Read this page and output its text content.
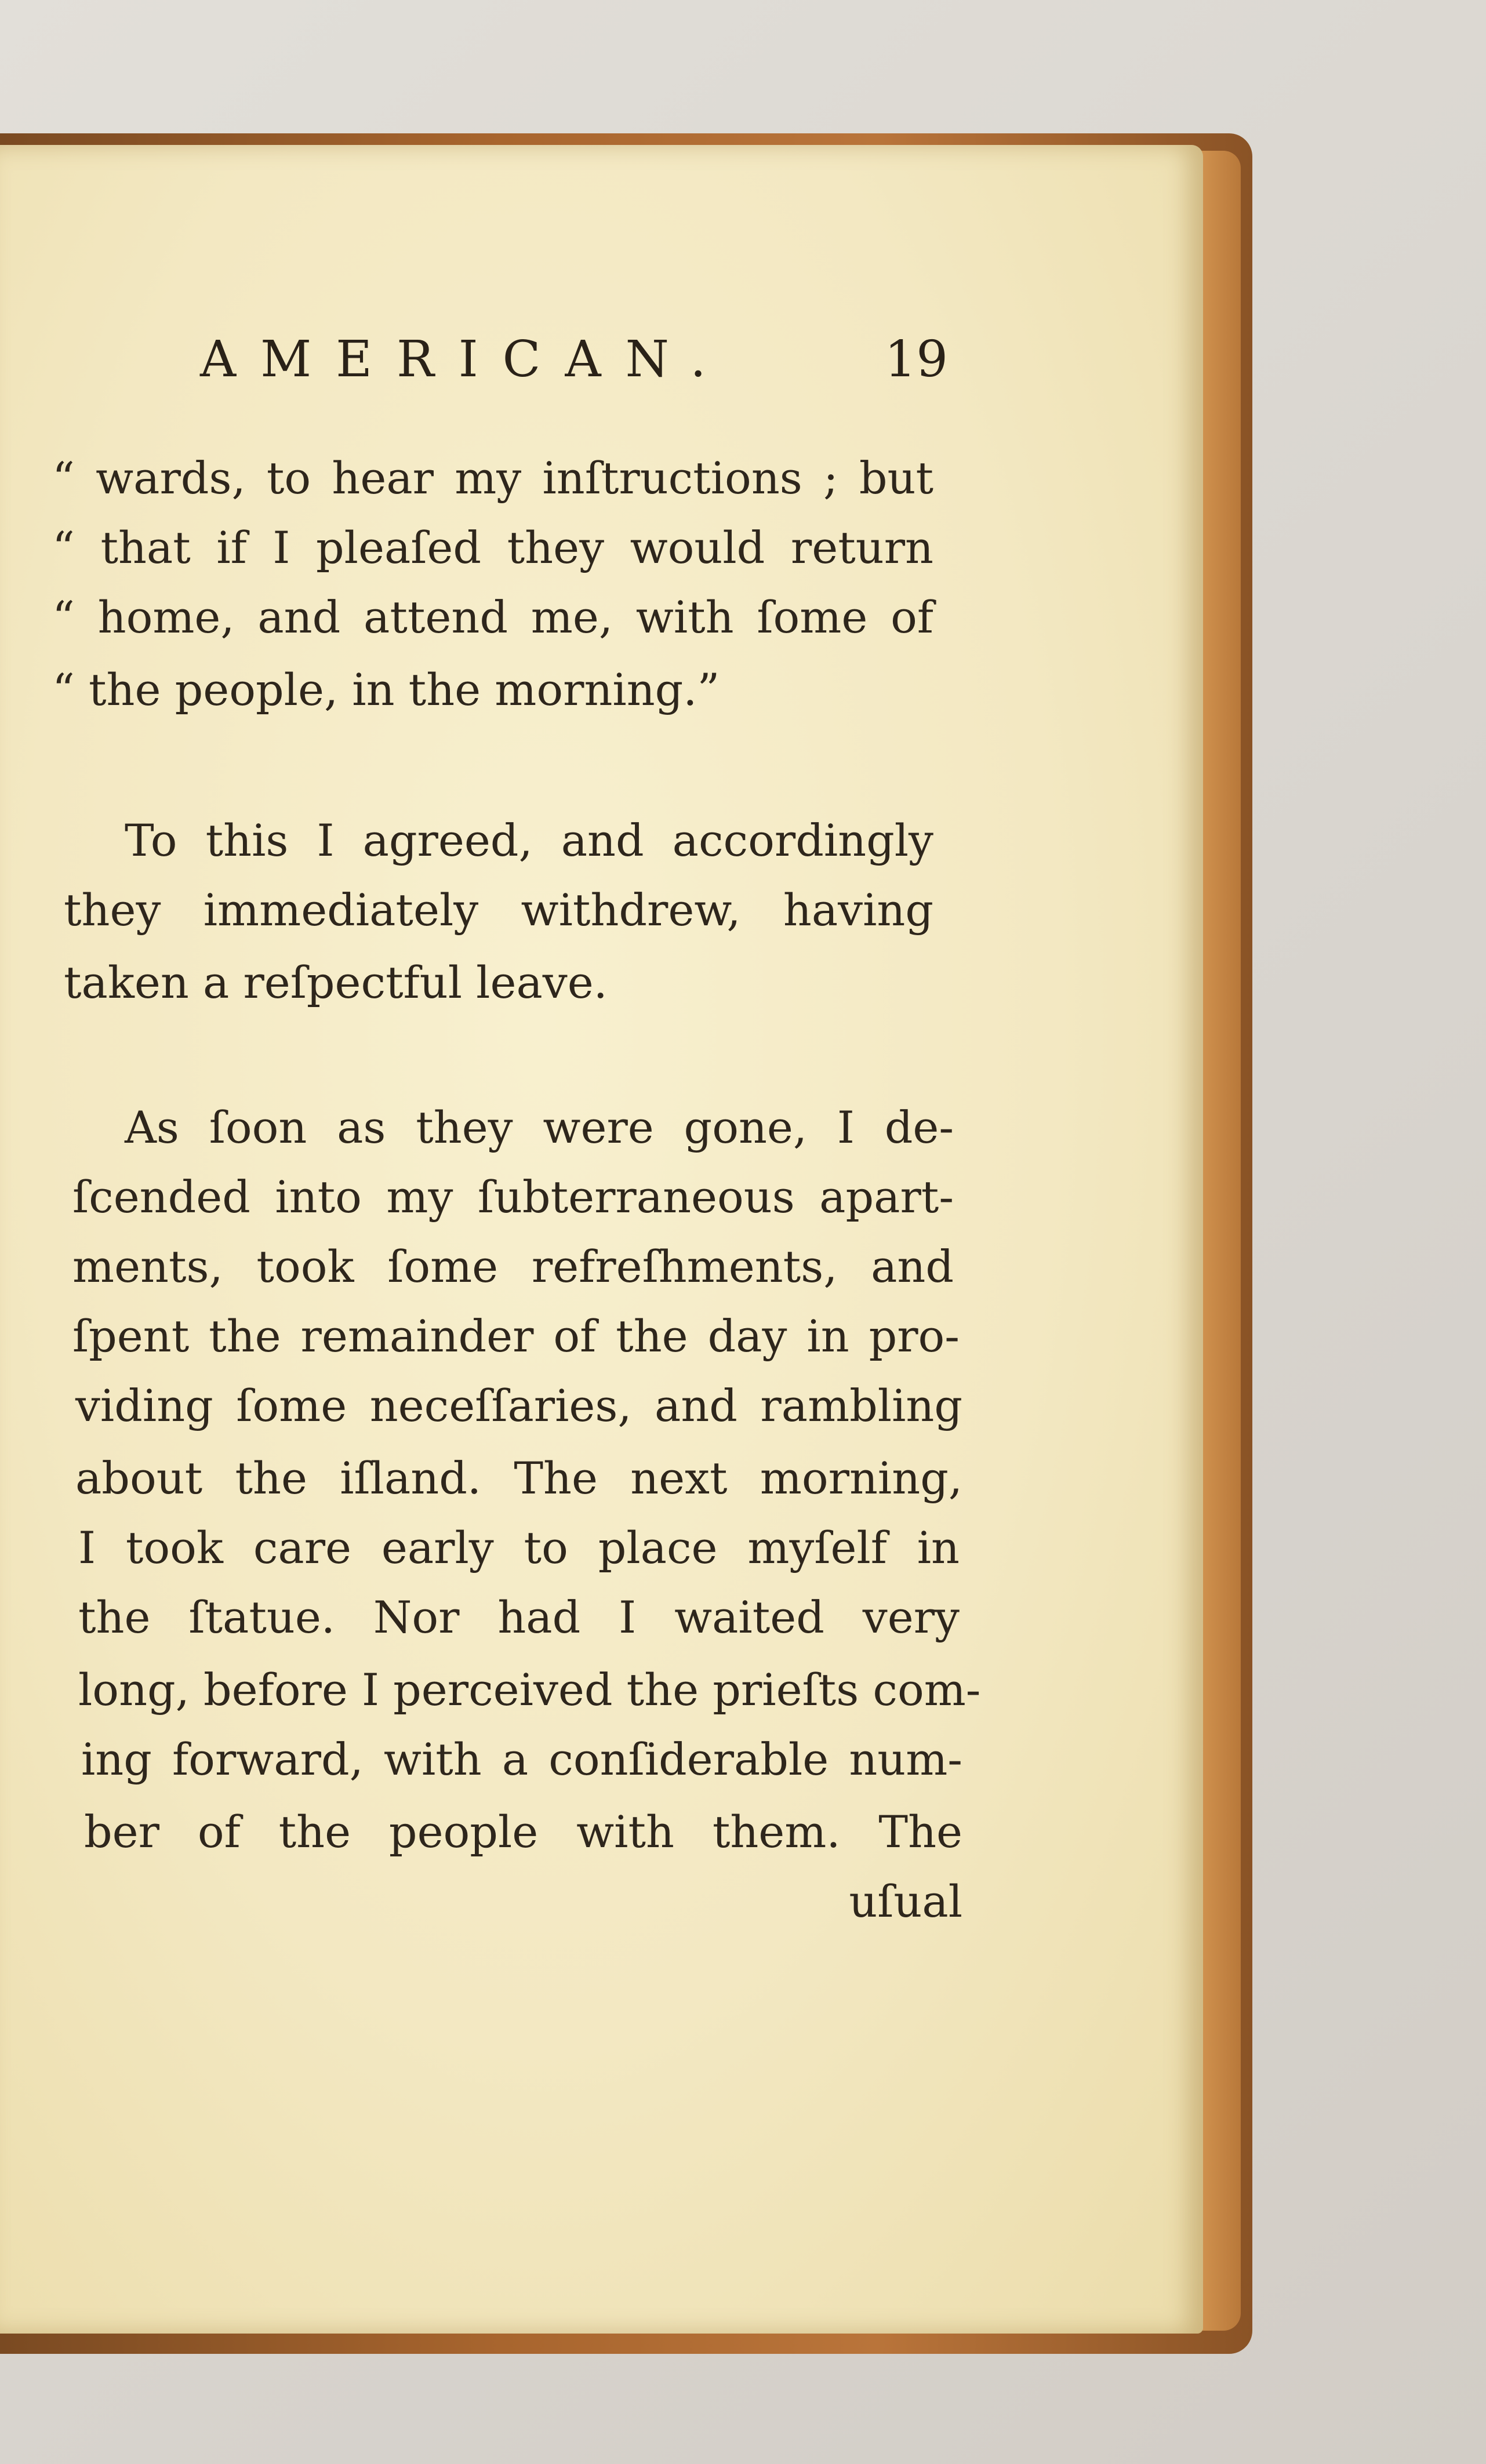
AMERICAN.	19
“ wards, to hear my inſtructions ; but
“ that if I pleaſed they would return
“ home, and attend me, with ſome of
“ the people, in the morning.”
To this I agreed, and accordingly
they immediately withdrew, having
taken a reſpectful leave.
As ſoon as they were gone, I de-
ſcended into my ſubterraneous apart-
ments, took ſome refreſhments, and
ſpent the remainder of the day in pro-
viding ſome neceſſaries, and rambling
about the iſland. The next morning,
I took care early to place myſelf in
the ſtatue. Nor had I waited very
long, before I perceived the prieſts com-
ing forward, with a conſiderable num-
ber of the people with them. The
uſual
